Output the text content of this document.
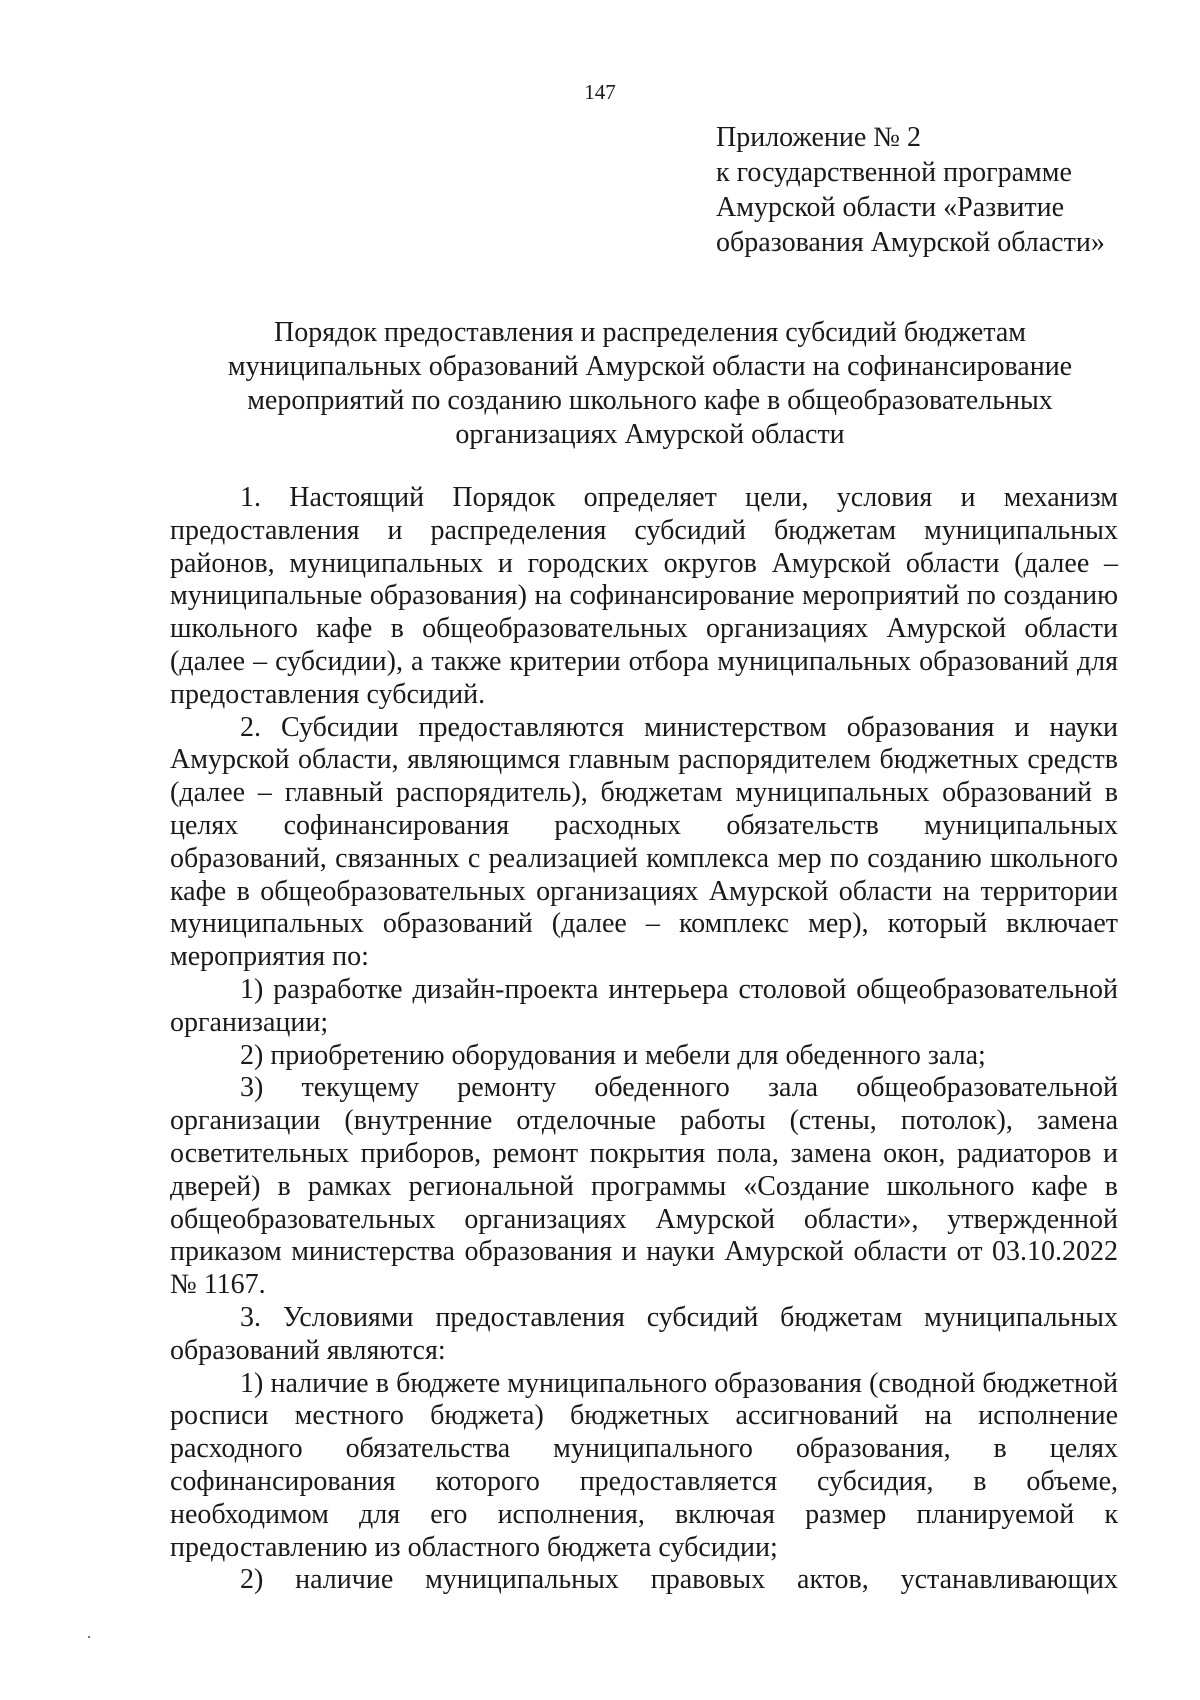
147
Приложение № 2
к государственной программе
Амурской области «Развитие
образования Амурской области»
Порядок предоставления и распределения субсидий бюджетам
муниципальных образований Амурской области на софинансирование
мероприятий по созданию школьного кафе в общеобразовательных
организациях Амурской области

1. Настоящий Порядок определяет цели, условия и механизм предоставления и распределения субсидий бюджетам муниципальных районов, муниципальных и городских округов Амурской области (далее – муниципальные образования) на софинансирование мероприятий по созданию школьного кафе в общеобразовательных организациях Амурской области (далее – субсидии), а также критерии отбора муниципальных образований для предоставления субсидий.

2. Субсидии предоставляются министерством образования и науки Амурской области, являющимся главным распорядителем бюджетных средств (далее – главный распорядитель), бюджетам муниципальных образований в целях софинансирования расходных обязательств муниципальных образований, связанных с реализацией комплекса мер по созданию школьного кафе в общеобразовательных организациях Амурской области на территории муниципальных образований (далее – комплекс мер), который включает мероприятия по:

1) разработке дизайн-проекта интерьера столовой общеобразовательной организации;

2) приобретению оборудования и мебели для обеденного зала;

3) текущему ремонту обеденного зала общеобразовательной организации (внутренние отделочные работы (стены, потолок), замена осветительных приборов, ремонт покрытия пола, замена окон, радиаторов и дверей) в рамках региональной программы «Создание школьного кафе в общеобразовательных организациях Амурской области», утвержденной приказом министерства образования и науки Амурской области от 03.10.2022 № 1167.

3. Условиями предоставления субсидий бюджетам муниципальных образований являются:

1) наличие в бюджете муниципального образования (сводной бюджетной росписи местного бюджета) бюджетных ассигнований на исполнение расходного обязательства муниципального образования, в целях софинансирования которого предоставляется субсидия, в объеме, необходимом для его исполнения, включая размер планируемой к предоставлению из областного бюджета субсидии;

2) наличие муниципальных правовых актов, устанавливающих
